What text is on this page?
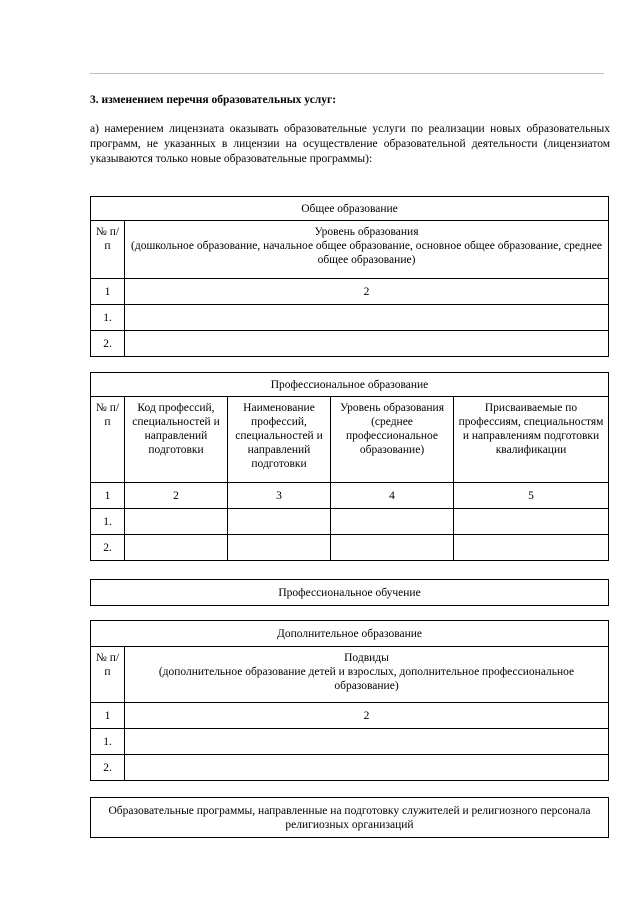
3. изменением перечня образовательных услуг:
а) намерением лицензиата оказывать образовательные услуги по реализации новых образовательных программ, не указанных в лицензии на осуществление образовательной деятельности (лицензиатом указываются только новые образовательные программы):
Общее образование	
№ п/п	Уровень образования
(дошкольное образование, начальное общее образование, основное общее образование, среднее общее образование)

1	2
1.	
2.	
Профессиональное образование				
№ п/п	Код профессий, специальностей и направлений подготовки	Наименование профессий, специальностей и направлений подготовки	Уровень образования (среднее профессиональное образование)	Присваиваемые по профессиям, специальностям и направлениям подготовки квалификации
1	2	3	4	5
1.				
2.				
Профессиональное обучение
Дополнительное образование	
№ п/п	Подвиды
(дополнительное образование детей и взрослых, дополнительное профессиональное образование)

1	2
1.	
2.	
Образовательные программы, направленные на подготовку служителей и религиозного персонала религиозных организаций
